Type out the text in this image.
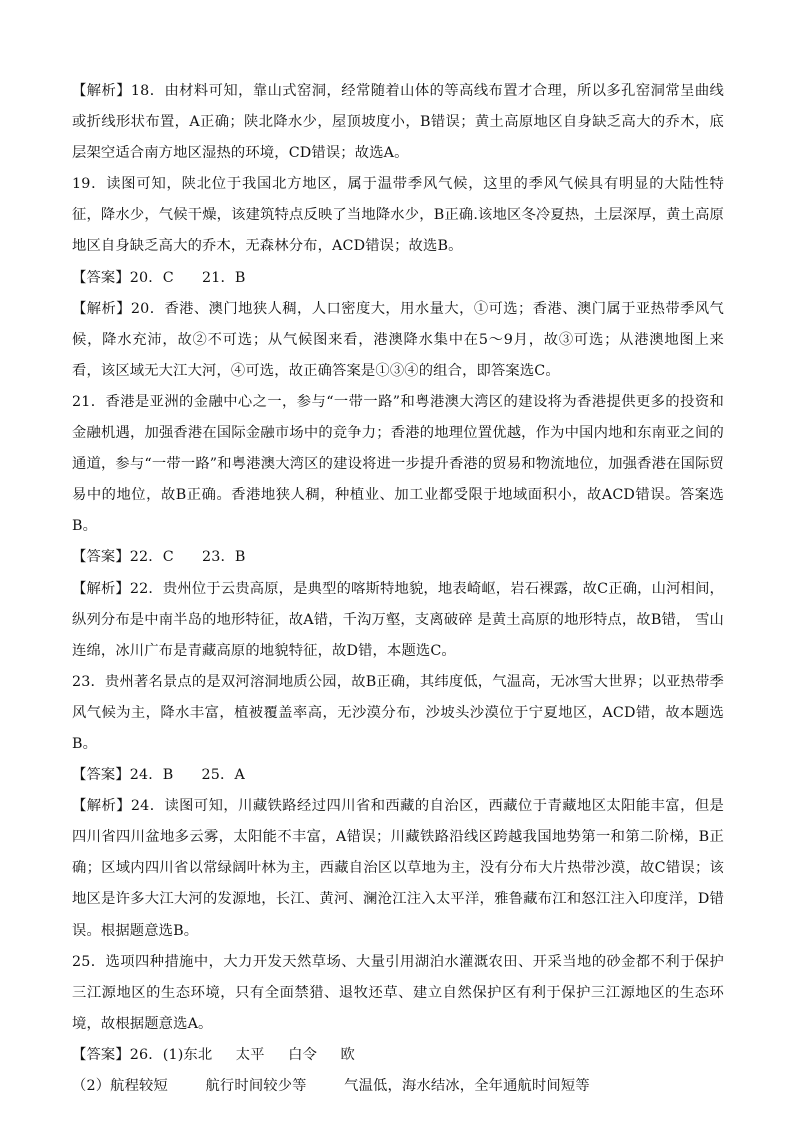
【解析】18．由材料可知，靠山式窑洞，经常随着山体的等高线布置才合理，所以多孔窑洞常呈曲线或折线形状布置，A正确；陕北降水少，屋顶坡度小，B错误；黄土高原地区自身缺乏高大的乔木，底层架空适合南方地区湿热的环境，CD错误；故选A。

19．读图可知，陕北位于我国北方地区，属于温带季风气候，这里的季风气候具有明显的大陆性特征，降水少，气候干燥，该建筑特点反映了当地降水少，B正确.该地区冬冷夏热，土层深厚，黄土高原地区自身缺乏高大的乔木，无森林分布，ACD错误；故选B。

【答案】20．C      21．B

【解析】20．香港、澳门地狭人稠，人口密度大，用水量大，①可选；香港、澳门属于亚热带季风气候，降水充沛，故②不可选；从气候图来看，港澳降水集中在5～9月，故③可选；从港澳地图上来看，该区域无大江大河，④可选，故正确答案是①③④的组合，即答案选C。

21．香港是亚洲的金融中心之一，参与“一带一路”和粤港澳大湾区的建设将为香港提供更多的投资和金融机遇，加强香港在国际金融市场中的竞争力；香港的地理位置优越，作为中国内地和东南亚之间的通道，参与“一带一路”和粤港澳大湾区的建设将进一步提升香港的贸易和物流地位，加强香港在国际贸易中的地位，故B正确。香港地狭人稠，种植业、加工业都受限于地域面积小，故ACD错误。答案选B。

【答案】22．C      23．B

【解析】22．贵州位于云贵高原，是典型的喀斯特地貌，地表崎岖，岩石裸露，故C正确，山河相间，纵列分布是中南半岛的地形特征，故A错，千沟万壑，支离破碎 是黄土高原的地形特点，故B错， 雪山连绵，冰川广布是青藏高原的地貌特征，故D错，本题选C。

23．贵州著名景点的是双河溶洞地质公园，故B正确，其纬度低，气温高，无冰雪大世界；以亚热带季风气候为主，降水丰富，植被覆盖率高，无沙漠分布，沙坡头沙漠位于宁夏地区，ACD错，故本题选B。

【答案】24．B      25．A

【解析】24．读图可知，川藏铁路经过四川省和西藏的自治区，西藏位于青藏地区太阳能丰富，但是四川省四川盆地多云雾，太阳能不丰富，A错误；川藏铁路沿线区跨越我国地势第一和第二阶梯，B正确；区域内四川省以常绿阔叶林为主，西藏自治区以草地为主，没有分布大片热带沙漠，故C错误；该地区是许多大江大河的发源地，长江、黄河、澜沧江注入太平洋，雅鲁藏布江和怒江注入印度洋，D错误。根据题意选B。

25．选项四种措施中，大力开发天然草场、大量引用湖泊水灌溉农田、开采当地的砂金都不利于保护三江源地区的生态环境，只有全面禁猎、退牧还草、建立自然保护区有利于保护三江源地区的生态环境，故根据题意选A。

【答案】26．(1)东北     太平     白令     欧

（2）航程较短        航行时间较少等        气温低，海水结冰，全年通航时间短等
